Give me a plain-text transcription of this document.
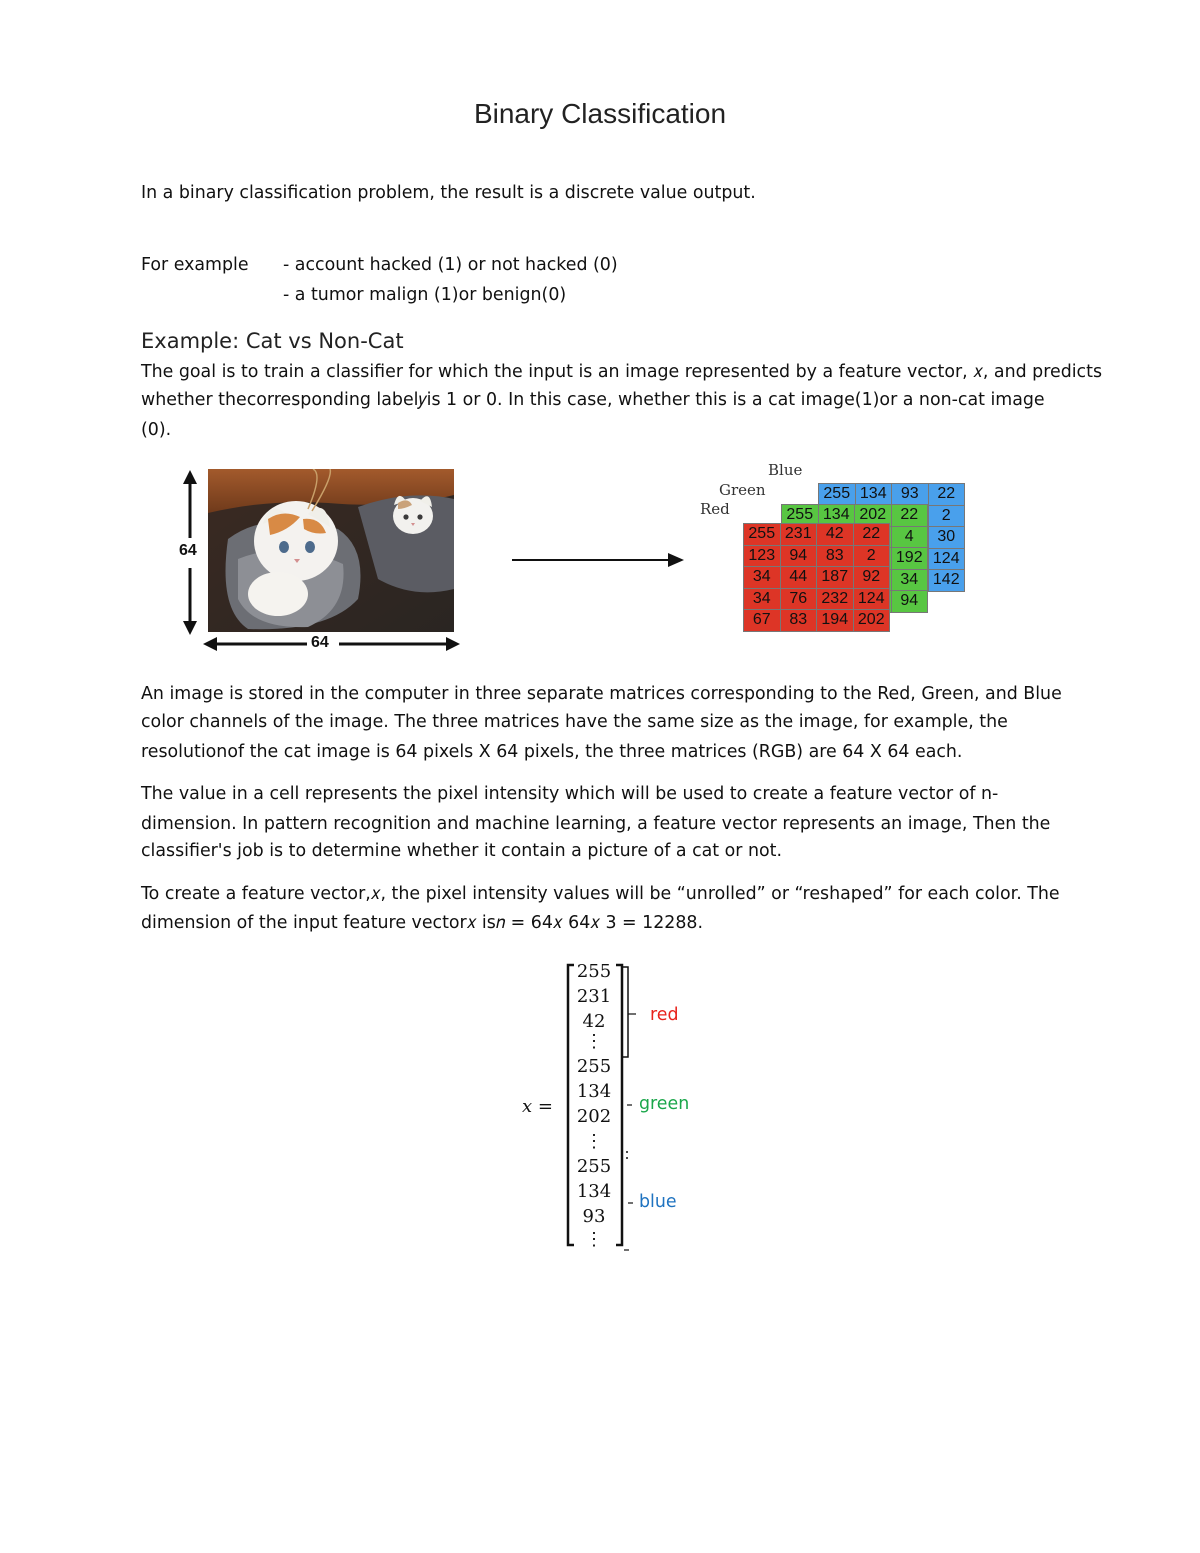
Binary Classification
In a binary classification problem, the result is a discrete value output.
For example - account hacked (1) or not hacked (0)
- a tumor malign (1)or benign(0)
Example: Cat vs Non-Cat
The goal is to train a classifier for which the input is an image represented by a feature vector, 𝑥, and predicts
whether thecorresponding label𝑦is 1 or 0. In this case, whether this is a cat image(1)or a non-cat image
(0).
64
64
Blue
Green
Red
255	134	93	22
			2
			30
			124
			142
255	134	202	22
			4
			192
			34
			94
255	231	42	22
123	94	83	2
34	44	187	92
34	76	232	124
67	83	194	202
An image is stored in the computer in three separate matrices corresponding to the Red, Green, and Blue
color channels of the image. The three matrices have the same size as the image, for example, the
resolutionof the cat image is 64 pixels X 64 pixels, the three matrices (RGB) are 64 X 64 each.
The value in a cell represents the pixel intensity which will be used to create a feature vector of n-
dimension. In pattern recognition and machine learning, a feature vector represents an image, Then the
classifier's job is to determine whether it contain a picture of a cat or not.
To create a feature vector,𝑥, the pixel intensity values will be “unrolled” or “reshaped” for each color. The
dimension of the input feature vector𝑥 is𝑛 = 64𝑥 64𝑥 3 = 12288.
𝑥 =
255
231
42
⋮
255
134
202
⋮
255
134
93
⋮
red
green
blue
